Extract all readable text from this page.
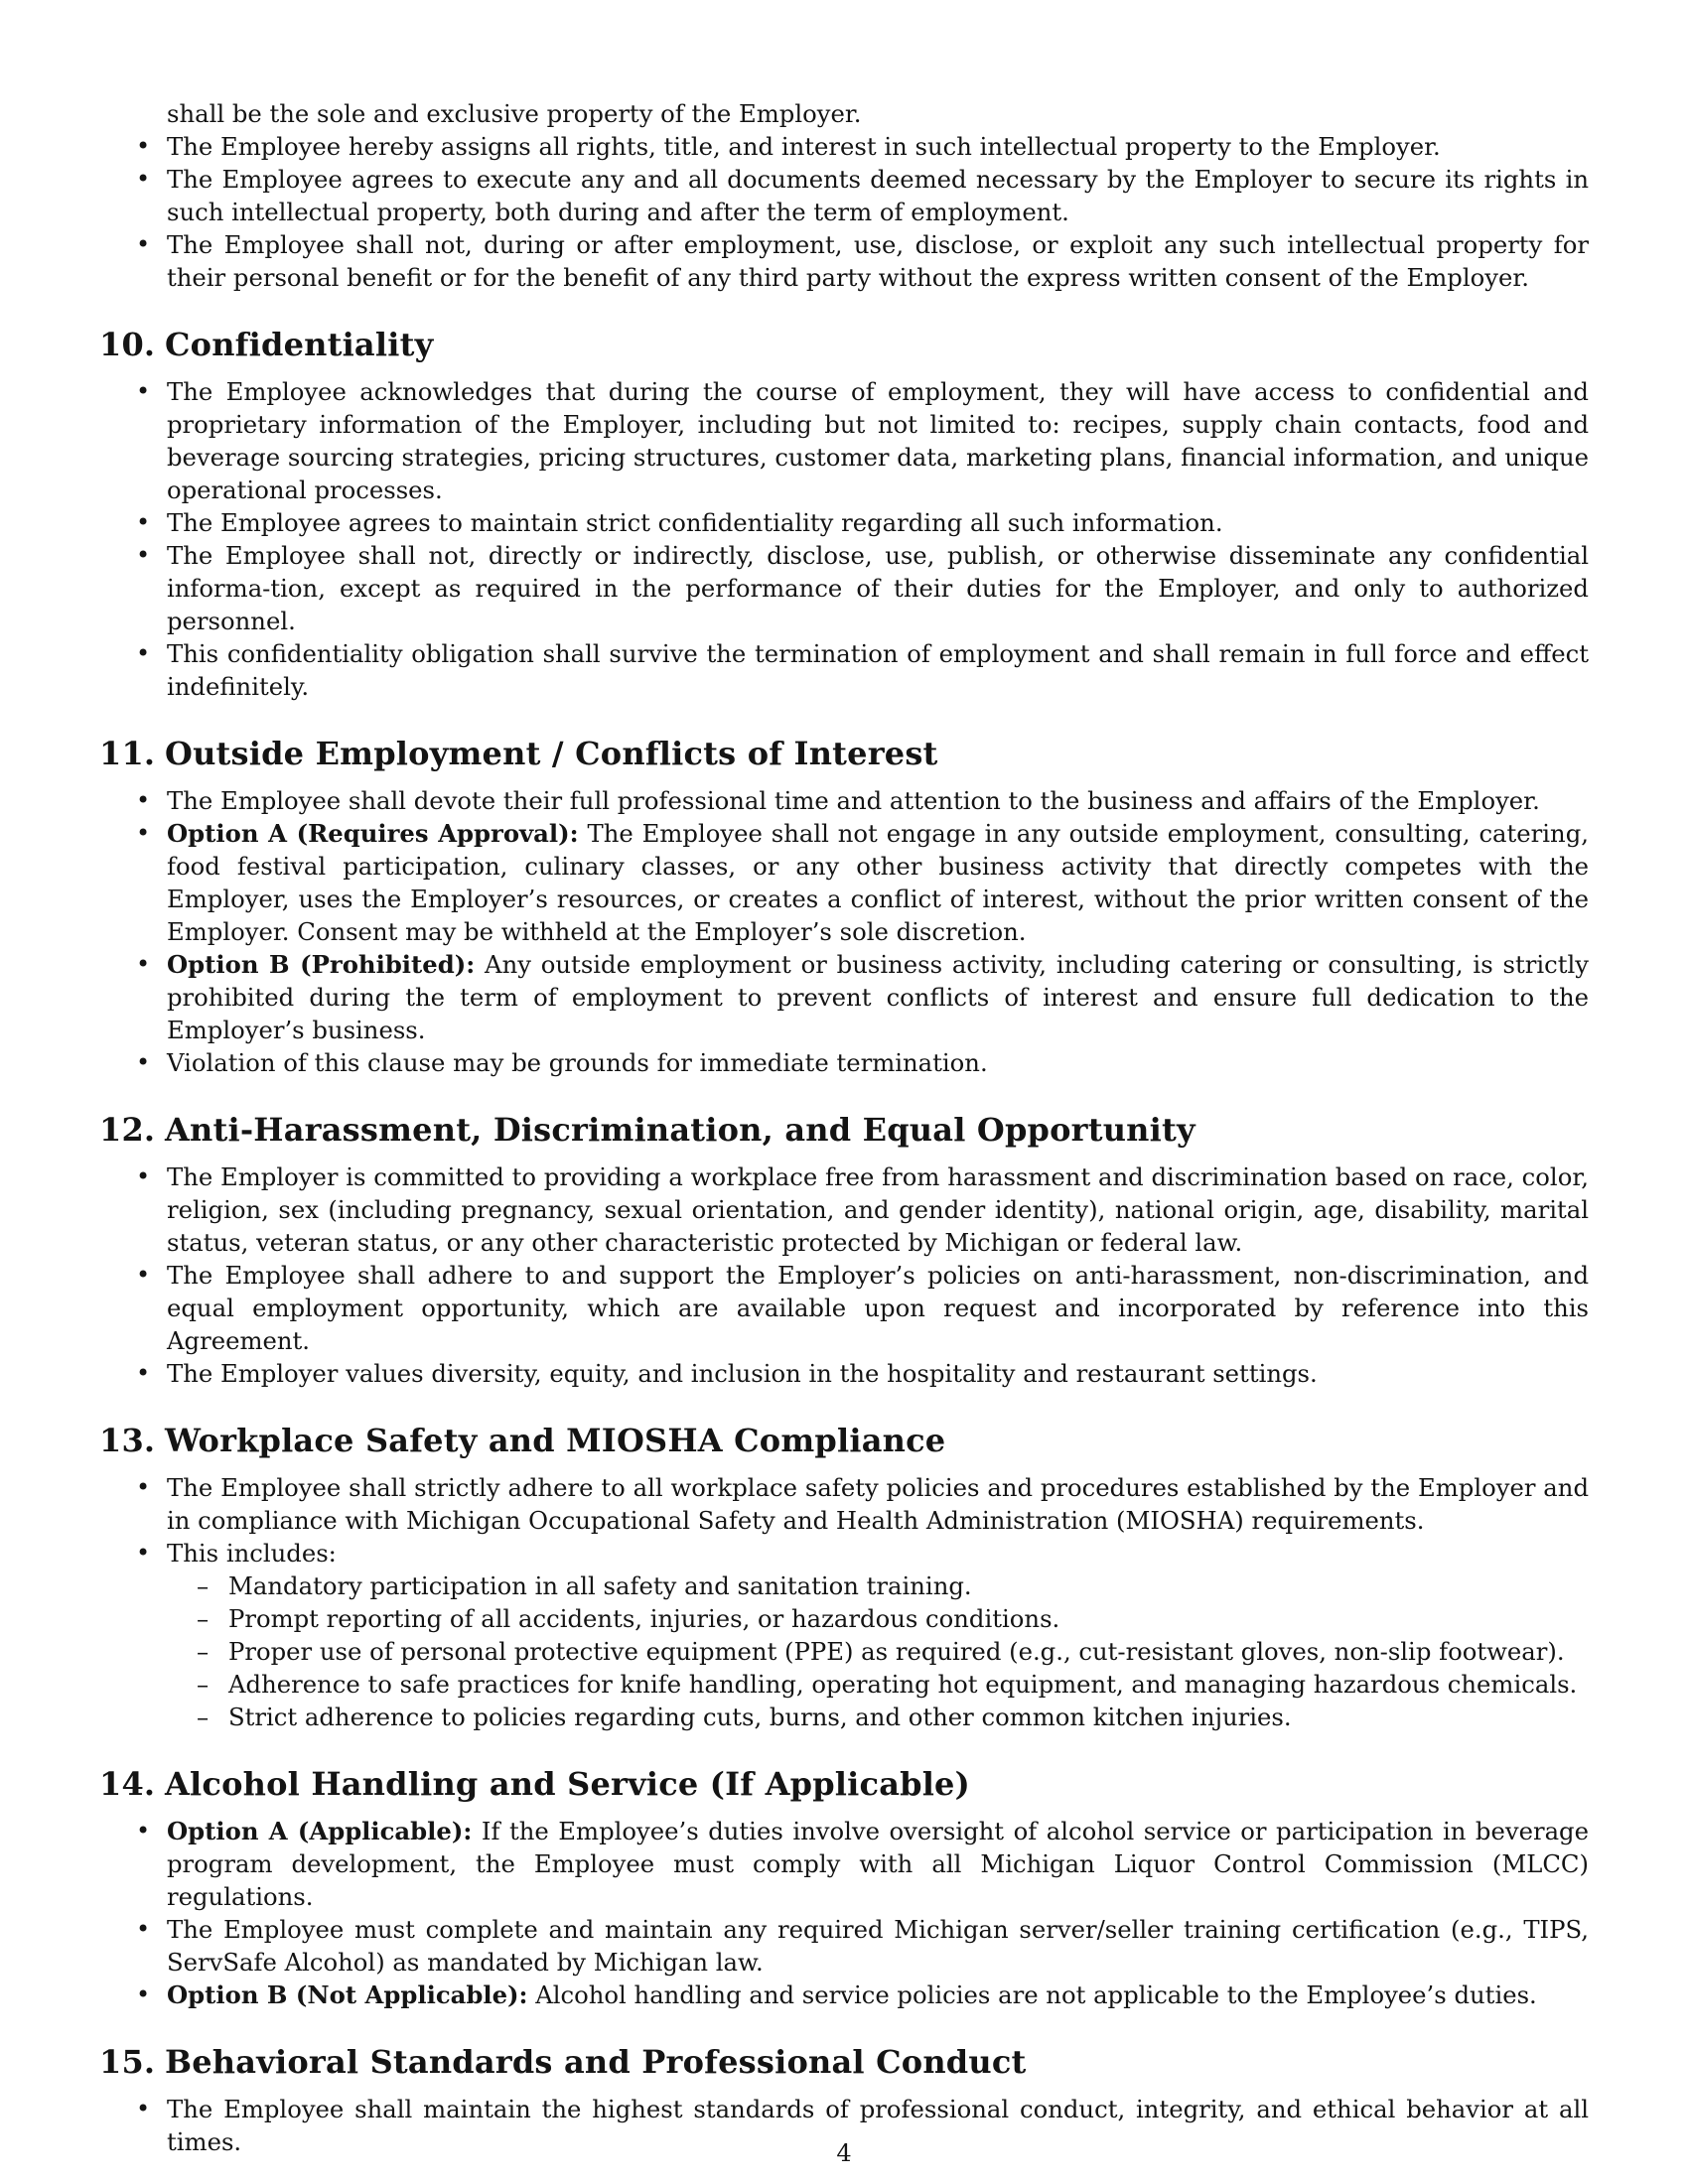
shall be the sole and exclusive property of the Employer.
• The Employee hereby assigns all rights, title, and interest in such intellectual property to the Employer.
• The Employee agrees to execute any and all documents deemed necessary by the Employer to secure its rights in such intellectual property, both during and after the term of employment.
• The Employee shall not, during or after employment, use, disclose, or exploit any such intellectual property for their personal benefit or for the benefit of any third party without the express written consent of the Employer.
10. Confidentiality
• The Employee acknowledges that during the course of employment, they will have access to confidential and proprietary information of the Employer, including but not limited to: recipes, supply chain contacts, food and beverage sourcing strategies, pricing structures, customer data, marketing plans, financial information, and unique operational processes.
• The Employee agrees to maintain strict confidentiality regarding all such information.
• The Employee shall not, directly or indirectly, disclose, use, publish, or otherwise disseminate any confidential informa-tion, except as required in the performance of their duties for the Employer, and only to authorized personnel.
• This confidentiality obligation shall survive the termination of employment and shall remain in full force and effect indefinitely.
11. Outside Employment / Conflicts of Interest
• The Employee shall devote their full professional time and attention to the business and affairs of the Employer.
• Option A (Requires Approval): The Employee shall not engage in any outside employment, consulting, catering, food festival participation, culinary classes, or any other business activity that directly competes with the Employer, uses the Employer’s resources, or creates a conflict of interest, without the prior written consent of the Employer. Consent may be withheld at the Employer’s sole discretion.
• Option B (Prohibited): Any outside employment or business activity, including catering or consulting, is strictly prohibited during the term of employment to prevent conflicts of interest and ensure full dedication to the Employer’s business.
• Violation of this clause may be grounds for immediate termination.
12. Anti-Harassment, Discrimination, and Equal Opportunity
• The Employer is committed to providing a workplace free from harassment and discrimination based on race, color, religion, sex (including pregnancy, sexual orientation, and gender identity), national origin, age, disability, marital status, veteran status, or any other characteristic protected by Michigan or federal law.
• The Employee shall adhere to and support the Employer’s policies on anti-harassment, non-discrimination, and equal employment opportunity, which are available upon request and incorporated by reference into this Agreement.
• The Employer values diversity, equity, and inclusion in the hospitality and restaurant settings.
13. Workplace Safety and MIOSHA Compliance
• The Employee shall strictly adhere to all workplace safety policies and procedures established by the Employer and in compliance with Michigan Occupational Safety and Health Administration (MIOSHA) requirements.
• This includes:
– Mandatory participation in all safety and sanitation training.
– Prompt reporting of all accidents, injuries, or hazardous conditions.
– Proper use of personal protective equipment (PPE) as required (e.g., cut-resistant gloves, non-slip footwear).
– Adherence to safe practices for knife handling, operating hot equipment, and managing hazardous chemicals.
– Strict adherence to policies regarding cuts, burns, and other common kitchen injuries.
14. Alcohol Handling and Service (If Applicable)
• Option A (Applicable): If the Employee’s duties involve oversight of alcohol service or participation in beverage program development, the Employee must comply with all Michigan Liquor Control Commission (MLCC) regulations.
• The Employee must complete and maintain any required Michigan server/seller training certification (e.g., TIPS, ServSafe Alcohol) as mandated by Michigan law.
• Option B (Not Applicable): Alcohol handling and service policies are not applicable to the Employee’s duties.
15. Behavioral Standards and Professional Conduct
• The Employee shall maintain the highest standards of professional conduct, integrity, and ethical behavior at all times.	4
